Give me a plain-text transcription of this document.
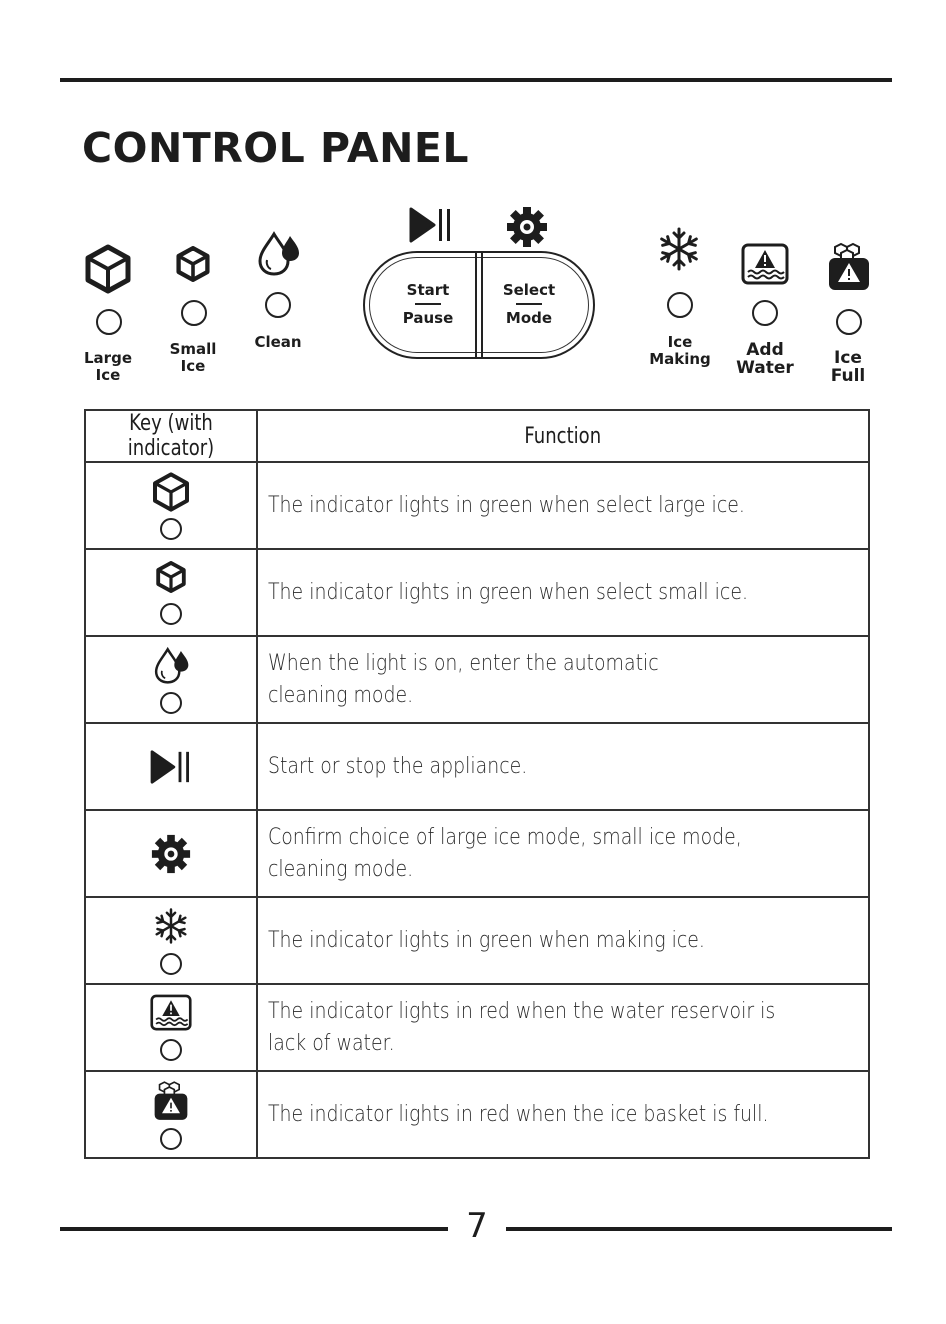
CONTROL PANEL
Large
Ice
Small
Ice
Clean
Start
Pause
Select
Mode
Ice
Making	Add
Water	Ice
Full
Key (with indicator)	Function

	The indicator lights in green when select large ice.

	The indicator lights in green when select small ice.

	When the light is on, enter the automatic cleaning mode.

	Start or stop the appliance.

	Confirm choice of large ice mode, small ice mode, cleaning mode.

	The indicator lights in green when making ice.

	The indicator lights in red when the water reservoir is lack of water.

	The indicator lights in red when the ice basket is full.
7
